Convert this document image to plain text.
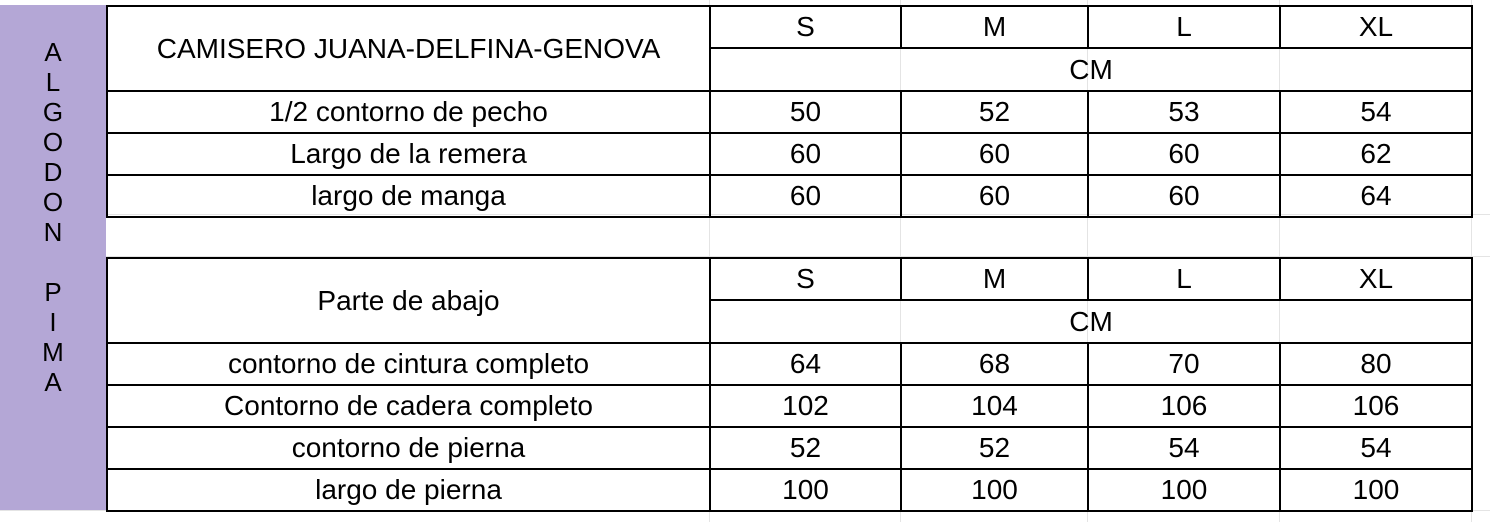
A
L
G
O
D
O
N
P
I
M
A
CAMISERO JUANA-DELFINA-GENOVA	S	M	L	XL
	CM			
1/2 contorno de pecho	50	52	53	54
Largo de la remera	60	60	60	62
largo de manga	60	60	60	64
Parte de abajo	S	M	L	XL
	CM			
contorno de cintura completo	64	68	70	80
Contorno de cadera completo	102	104	106	106
contorno de pierna	52	52	54	54
largo de pierna	100	100	100	100
